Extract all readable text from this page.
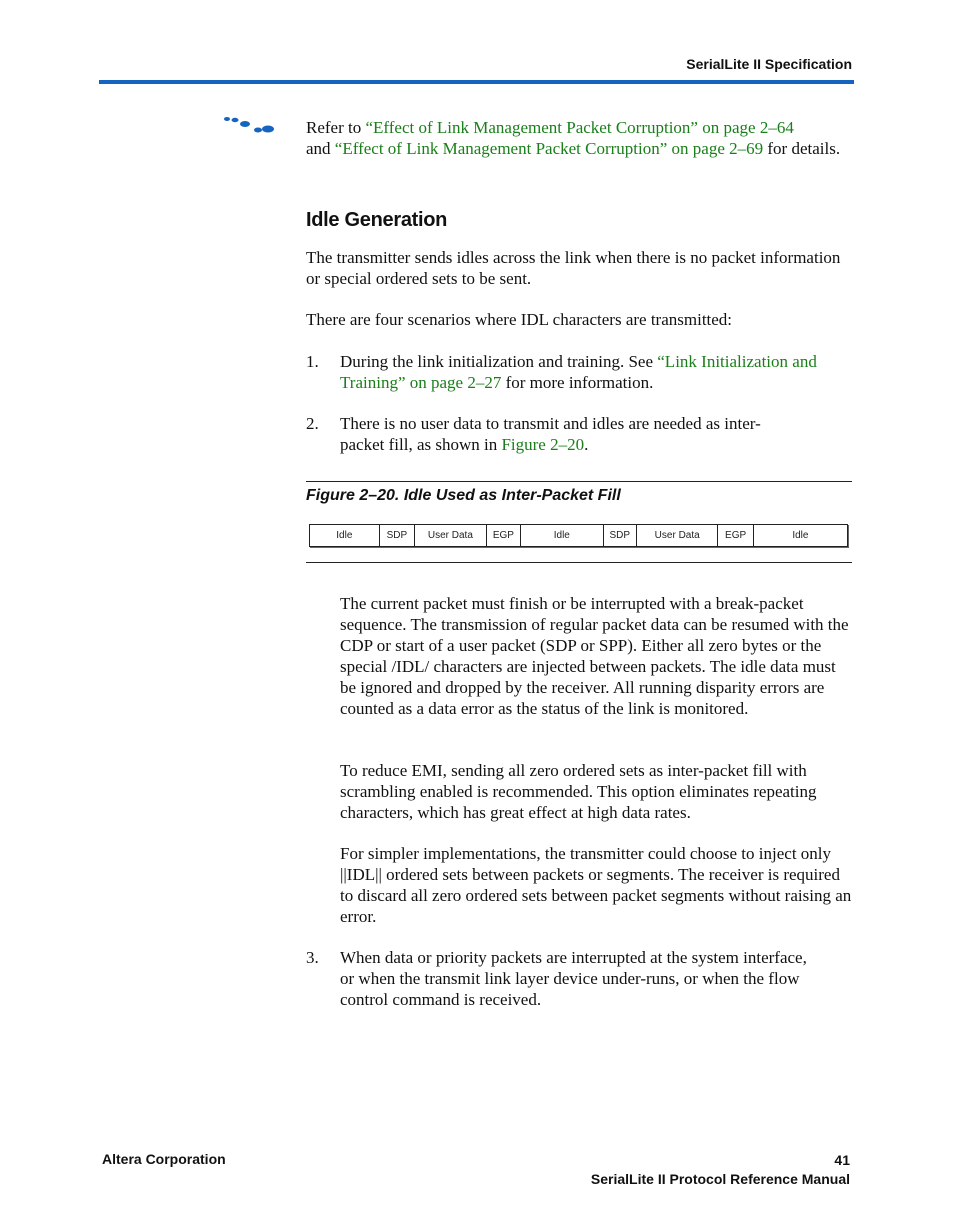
SerialLite II Specification
Refer to “Effect of Link Management Packet Corruption” on page 2–64
and “Effect of Link Management Packet Corruption” on page 2–69 for details.
Idle Generation
The transmitter sends idles across the link when there is no packet information or special ordered sets to be sent.
There are four scenarios where IDL characters are transmitted:
1. During the link initialization and training. See “Link Initialization and Training” on page 2–27 for more information.
2. There is no user data to transmit and idles are needed as inter-packet fill, as shown in Figure 2–20.
Figure 2–20. Idle Used as Inter-Packet Fill
Idle	SDP	User Data	EGP	Idle	SDP	User Data	EGP	Idle
The current packet must finish or be interrupted with a break-packet sequence. The transmission of regular packet data can be resumed with the CDP or start of a user packet (SDP or SPP). Either all zero bytes or the special /IDL/ characters are injected between packets. The idle data must be ignored and dropped by the receiver. All running disparity errors are counted as a data error as the status of the link is monitored.
To reduce EMI, sending all zero ordered sets as inter-packet fill with scrambling enabled is recommended. This option eliminates repeating characters, which has great effect at high data rates.
For simpler implementations, the transmitter could choose to inject only ||IDL|| ordered sets between packets or segments. The receiver is required to discard all zero ordered sets between packet segments without raising an error.
3. When data or priority packets are interrupted at the system interface, or when the transmit link layer device under-runs, or when the flow control command is received.
Altera Corporation	41
SerialLite II Protocol Reference Manual
